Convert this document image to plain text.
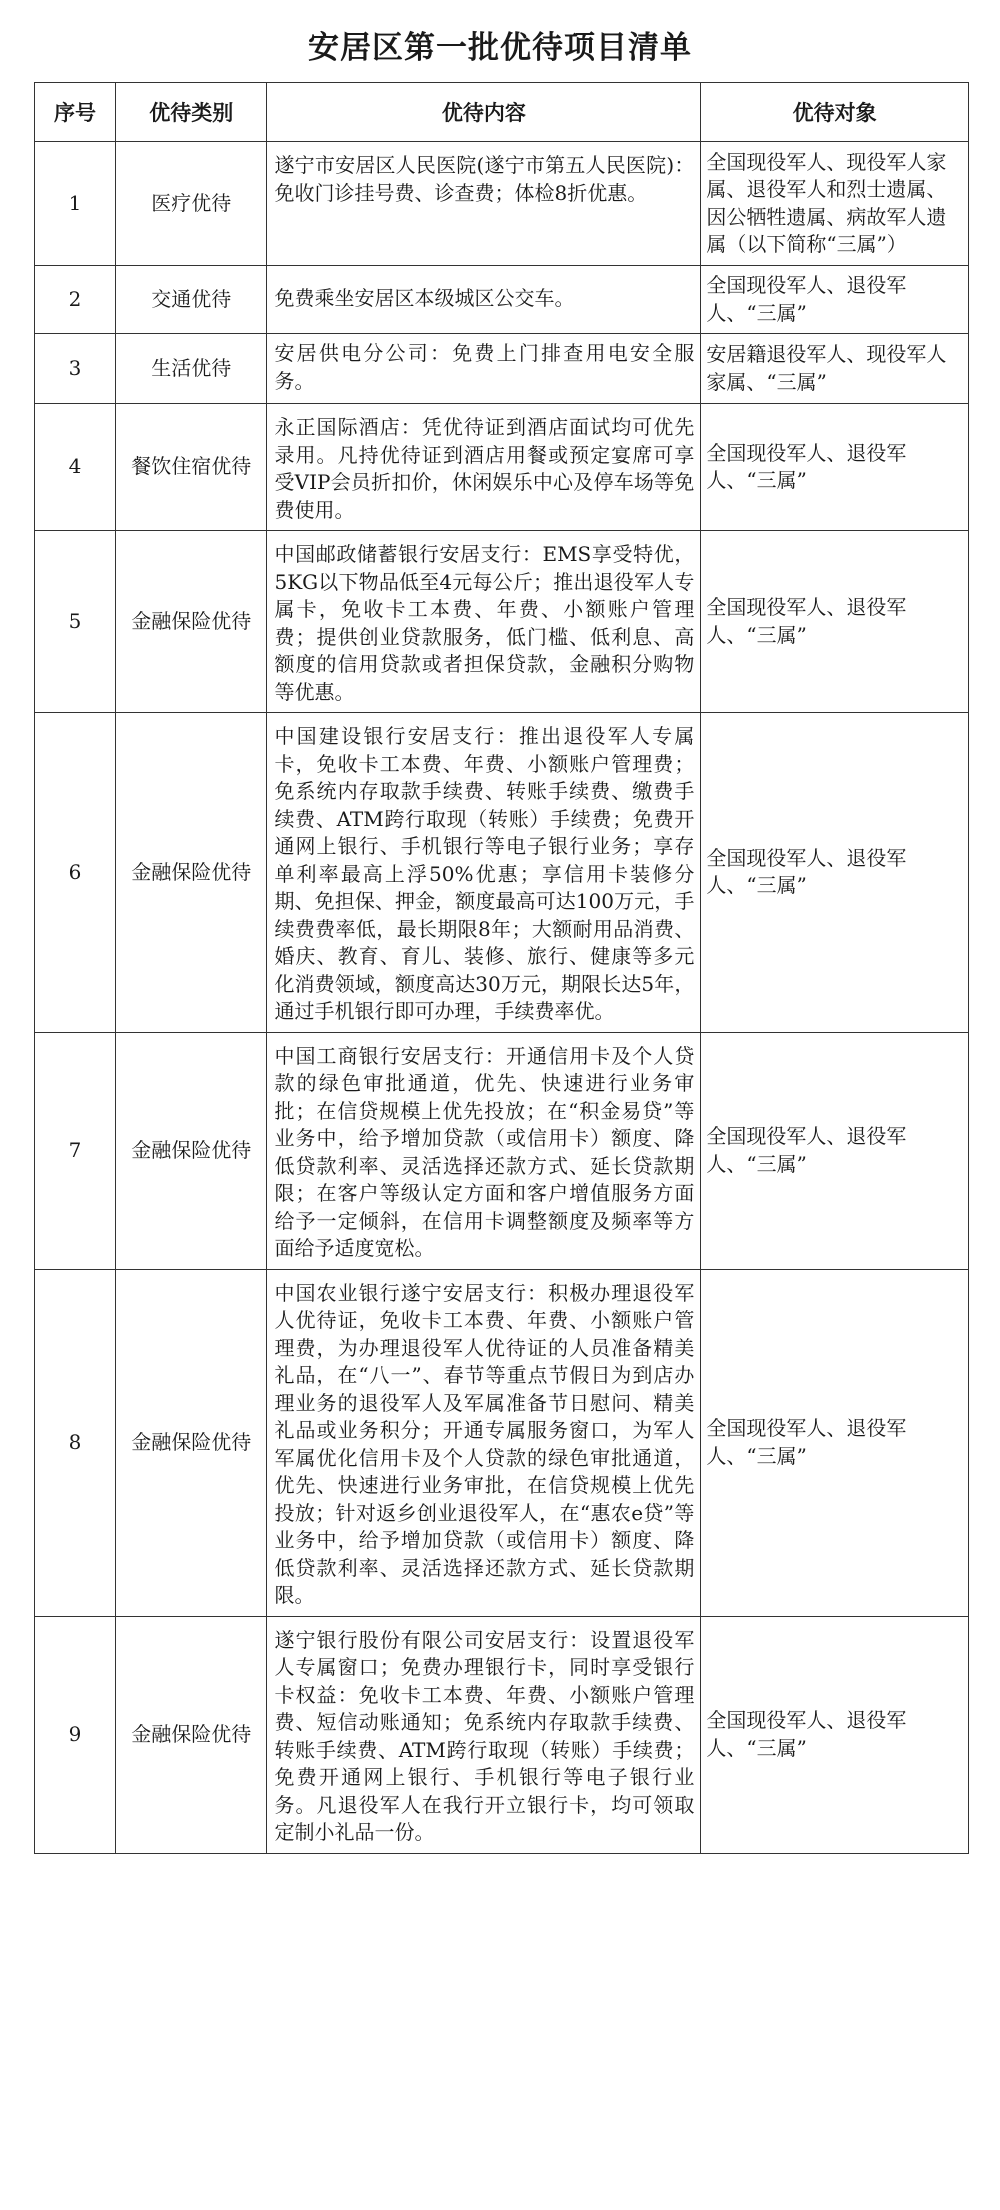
安居区第一批优待项目清单
序号	优待类别	优待内容	优待对象
1	医疗优待	遂宁市安居区人民医院(遂宁市第五人民医院)：免收门诊挂号费、诊查费；体检8折优惠。	全国现役军人、现役军人家属、退役军人和烈士遗属、因公牺牲遗属、病故军人遗属（以下简称“三属”）
2	交通优待	免费乘坐安居区本级城区公交车。	全国现役军人、退役军人、“三属”
3	生活优待	安居供电分公司：免费上门排查用电安全服务。	安居籍退役军人、现役军人家属、“三属”
4	餐饮住宿优待	永正国际酒店：凭优待证到酒店面试均可优先录用。凡持优待证到酒店用餐或预定宴席可享受VIP会员折扣价，休闲娱乐中心及停车场等免费使用。	全国现役军人、退役军人、“三属”
5	金融保险优待	中国邮政储蓄银行安居支行：EMS享受特优，5KG以下物品低至4元每公斤；推出退役军人专属卡，免收卡工本费、年费、小额账户管理费；提供创业贷款服务，低门槛、低利息、高额度的信用贷款或者担保贷款，金融积分购物等优惠。	全国现役军人、退役军人、“三属”
6	金融保险优待	中国建设银行安居支行：推出退役军人专属卡，免收卡工本费、年费、小额账户管理费；免系统内存取款手续费、转账手续费、缴费手续费、ATM跨行取现（转账）手续费；免费开通网上银行、手机银行等电子银行业务；享存单利率最高上浮50%优惠；享信用卡装修分期、免担保、押金，额度最高可达100万元，手续费费率低，最长期限8年；大额耐用品消费、婚庆、教育、育儿、装修、旅行、健康等多元化消费领域，额度高达30万元，期限长达5年，通过手机银行即可办理，手续费率优。	全国现役军人、退役军人、“三属”
7	金融保险优待	中国工商银行安居支行：开通信用卡及个人贷款的绿色审批通道，优先、快速进行业务审批；在信贷规模上优先投放；在“积金易贷”等业务中，给予增加贷款（或信用卡）额度、降低贷款利率、灵活选择还款方式、延长贷款期限；在客户等级认定方面和客户增值服务方面给予一定倾斜，在信用卡调整额度及频率等方面给予适度宽松。	全国现役军人、退役军人、“三属”
8	金融保险优待	中国农业银行遂宁安居支行：积极办理退役军人优待证，免收卡工本费、年费、小额账户管理费，为办理退役军人优待证的人员准备精美礼品，在“八一”、春节等重点节假日为到店办理业务的退役军人及军属准备节日慰问、精美礼品或业务积分；开通专属服务窗口，为军人军属优化信用卡及个人贷款的绿色审批通道，优先、快速进行业务审批，在信贷规模上优先投放；针对返乡创业退役军人，在“惠农e贷”等业务中，给予增加贷款（或信用卡）额度、降低贷款利率、灵活选择还款方式、延长贷款期限。	全国现役军人、退役军人、“三属”
9	金融保险优待	遂宁银行股份有限公司安居支行：设置退役军人专属窗口；免费办理银行卡，同时享受银行卡权益：免收卡工本费、年费、小额账户管理费、短信动账通知；免系统内存取款手续费、转账手续费、ATM跨行取现（转账）手续费；免费开通网上银行、手机银行等电子银行业务。凡退役军人在我行开立银行卡，均可领取定制小礼品一份。	全国现役军人、退役军人、“三属”
